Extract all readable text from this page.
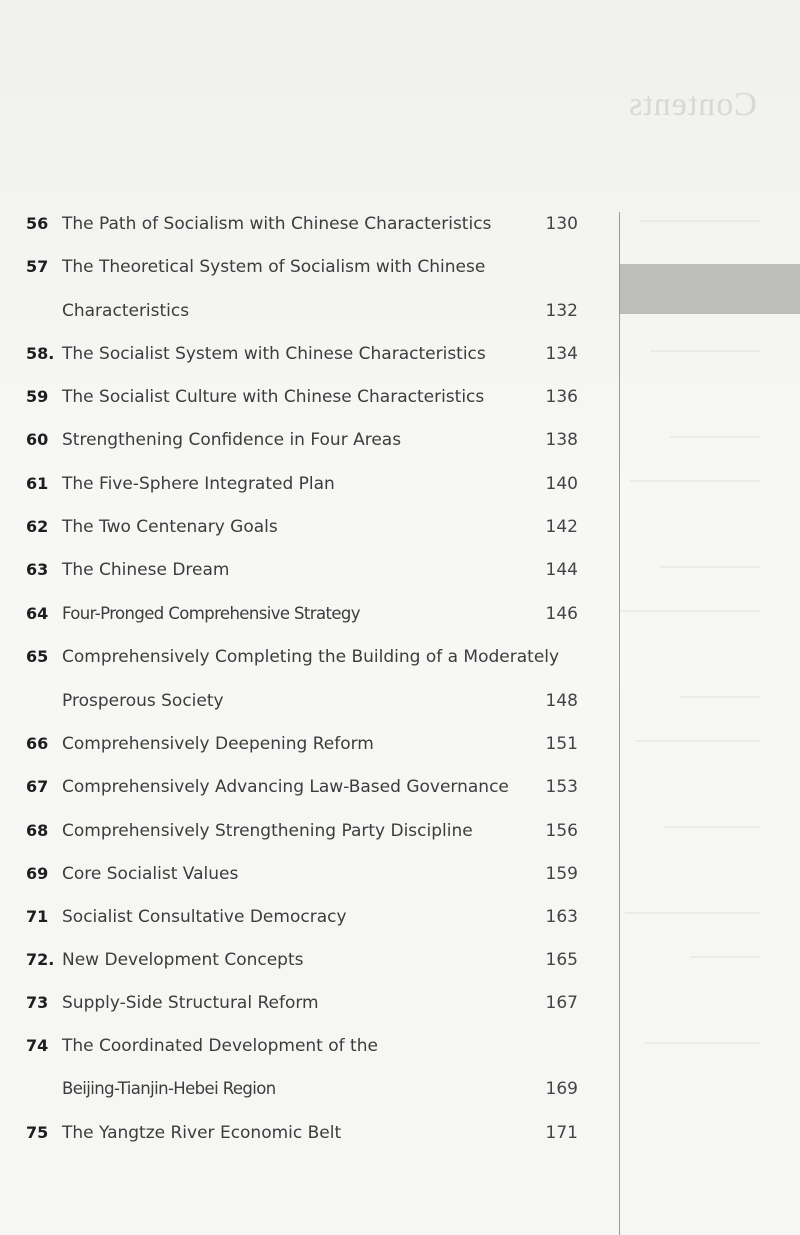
Contents
56 The Path of Socialism with Chinese Characteristics	130
57 The Theoretical System of Socialism with Chinese
Characteristics	132
58. The Socialist System with Chinese Characteristics	134
59 The Socialist Culture with Chinese Characteristics	136
60 Strengthening Confidence in Four Areas	138
61 The Five-Sphere Integrated Plan	140
62 The Two Centenary Goals	142
63 The Chinese Dream	144
64 Four-Pronged Comprehensive Strategy	146
65 Comprehensively Completing the Building of a Moderately
Prosperous Society	148
66 Comprehensively Deepening Reform	151
67 Comprehensively Advancing Law-Based Governance	153
68 Comprehensively Strengthening Party Discipline	156
69 Core Socialist Values	159
71 Socialist Consultative Democracy	163
72. New Development Concepts	165
73 Supply-Side Structural Reform	167
74 The Coordinated Development of the
Beijing-Tianjin-Hebei Region	169
75 The Yangtze River Economic Belt	171
